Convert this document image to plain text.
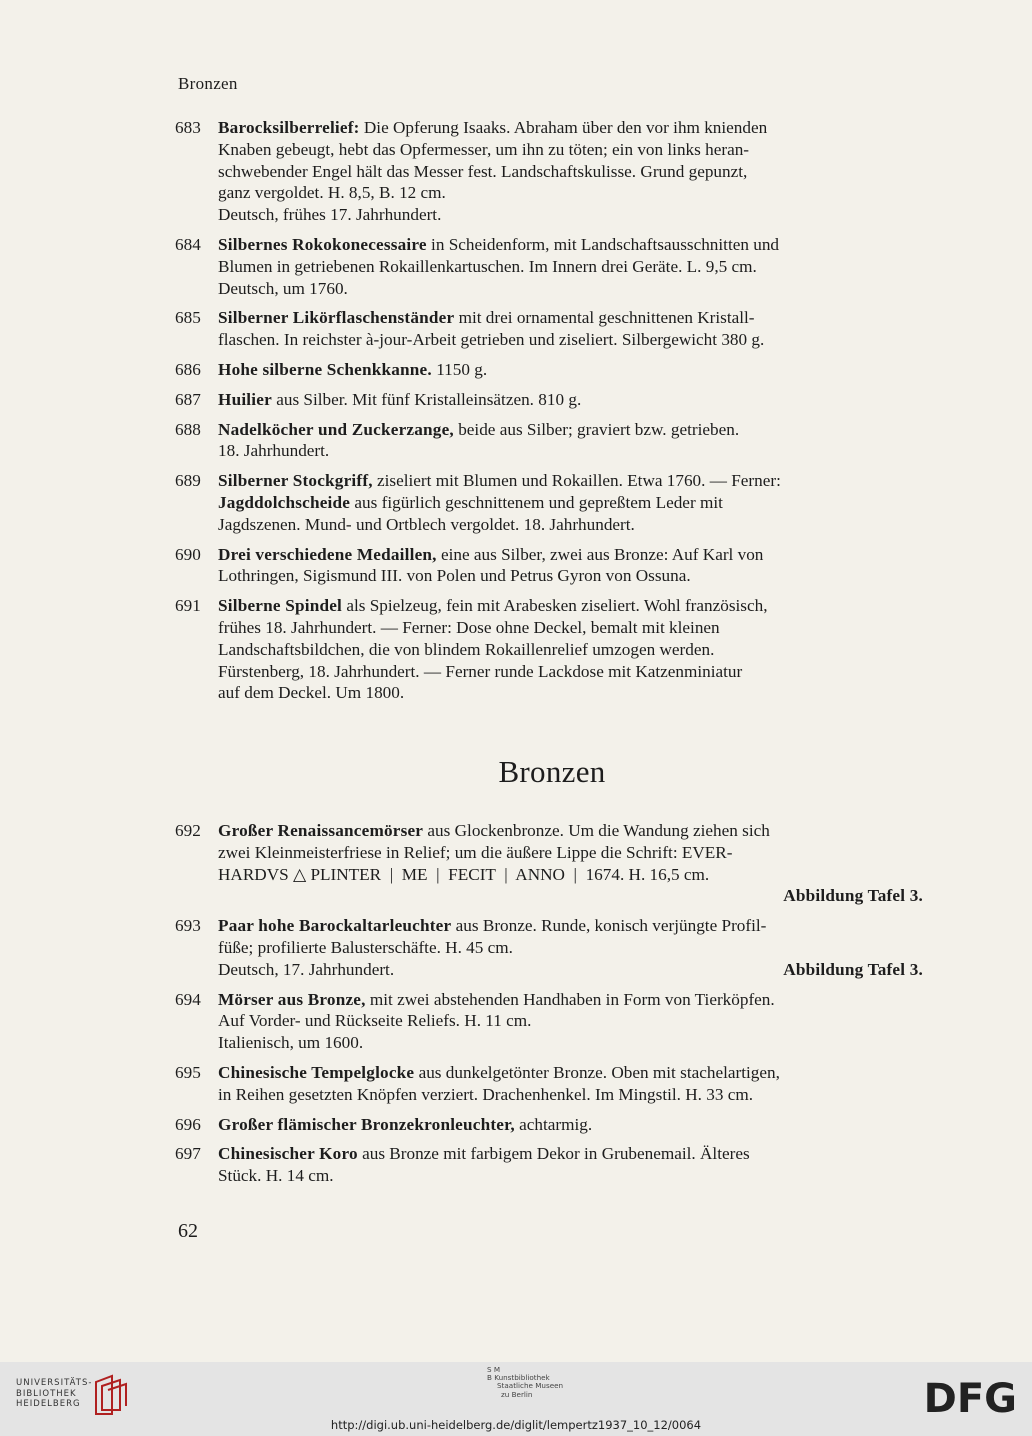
Bronzen
683 Barocksilberrelief: Die Opferung Isaaks. Abraham über den vor ihm knienden
Knaben gebeugt, hebt das Opfermesser, um ihn zu töten; ein von links heran-
schwebender Engel hält das Messer fest. Landschaftskulisse. Grund gepunzt,
ganz vergoldet. H. 8,5, B. 12 cm.
Deutsch, frühes 17. Jahrhundert.
684 Silbernes Rokokonecessaire in Scheidenform, mit Landschaftsausschnitten und
Blumen in getriebenen Rokaillenkartuschen. Im Innern drei Geräte. L. 9,5 cm.
Deutsch, um 1760.
685 Silberner Likörflaschenständer mit drei ornamental geschnittenen Kristall-
flaschen. In reichster à-jour-Arbeit getrieben und ziseliert. Silbergewicht 380 g.
686 Hohe silberne Schenkkanne. 1150 g.
687 Huilier aus Silber. Mit fünf Kristalleinsätzen. 810 g.
688 Nadelköcher und Zuckerzange, beide aus Silber; graviert bzw. getrieben.
18. Jahrhundert.
689 Silberner Stockgriff, ziseliert mit Blumen und Rokaillen. Etwa 1760. — Ferner:
Jagddolchscheide aus figürlich geschnittenem und gepreßtem Leder mit
Jagdszenen. Mund- und Ortblech vergoldet. 18. Jahrhundert.
690 Drei verschiedene Medaillen, eine aus Silber, zwei aus Bronze: Auf Karl von
Lothringen, Sigismund III. von Polen und Petrus Gyron von Ossuna.
691 Silberne Spindel als Spielzeug, fein mit Arabesken ziseliert. Wohl französisch,
frühes 18. Jahrhundert. — Ferner: Dose ohne Deckel, bemalt mit kleinen
Landschaftsbildchen, die von blindem Rokaillenrelief umzogen werden.
Fürstenberg, 18. Jahrhundert. — Ferner runde Lackdose mit Katzenminiatur
auf dem Deckel. Um 1800.
Bronzen
692 Großer Renaissancemörser aus Glockenbronze. Um die Wandung ziehen sich
zwei Kleinmeisterfriese in Relief; um die äußere Lippe die Schrift: EVER-
HARDVS △ PLINTER  |  ME  |  FECIT  |  ANNO  |  1674. H. 16,5 cm.
Abbildung Tafel 3.
693 Paar hohe Barockaltarleuchter aus Bronze. Runde, konisch verjüngte Profil-
füße; profilierte Balusterschäfte. H. 45 cm.
Deutsch, 17. Jahrhundert.	Abbildung Tafel 3.
694 Mörser aus Bronze, mit zwei abstehenden Handhaben in Form von Tierköpfen.
Auf Vorder- und Rückseite Reliefs. H. 11 cm.
Italienisch, um 1600.
695 Chinesische Tempelglocke aus dunkelgetönter Bronze. Oben mit stachelartigen,
in Reihen gesetzten Knöpfen verziert. Drachenhenkel. Im Mingstil. H. 33 cm.
696 Großer flämischer Bronzekronleuchter, achtarmig.
697 Chinesischer Koro aus Bronze mit farbigem Dekor in Grubenemail. Älteres
Stück. H. 14 cm.
62
UNIVERSITÄTS-
BIBLIOTHEK
HEIDELBERG
S M
B Kunstbibliothek
Staatliche Museen
zu Berlin
http://digi.ub.uni-heidelberg.de/diglit/lempertz1937_10_12/0064
DFG
